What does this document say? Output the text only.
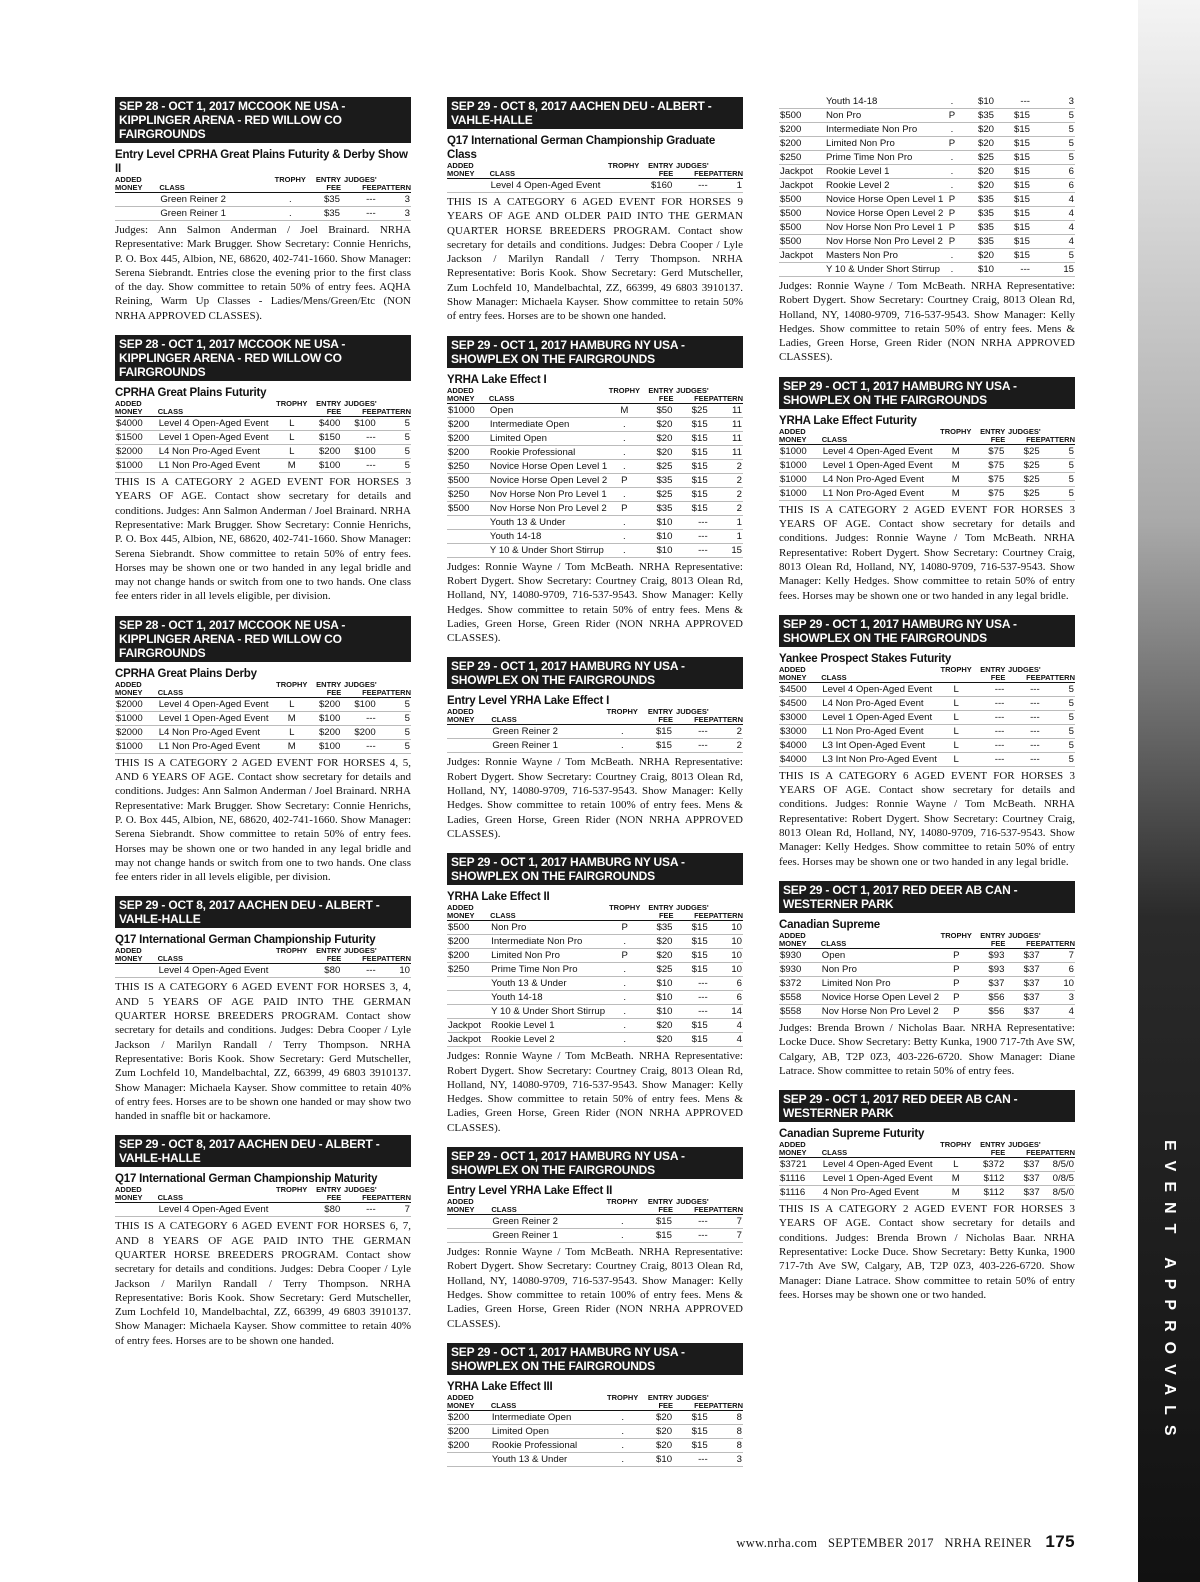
SEP 28 - OCT 1, 2017 MCCOOK NE USA - KIPPLINGER ARENA - RED WILLOW CO FAIRGROUNDS
Entry Level CPRHA Great Plains Futurity & Derby Show II
ADDED		TROPHY	ENTRY	JUDGES'	
MONEY	CLASS		FEE	FEE	PATTERN
	Green Reiner 2	.	$35	---	3
	Green Reiner 1	.	$35	---	3
Judges: Ann Salmon Anderman / Joel Brainard. NRHA Representative: Mark Brugger. Show Secretary: Connie Henrichs, P. O. Box 445, Albion, NE, 68620, 402-741-1660. Show Manager: Serena Siebrandt. Entries close the evening prior to the first class of the day. Show committee to retain 50% of entry fees. AQHA Reining, Warm Up Classes - Ladies/Mens/Green/Etc (NON NRHA APPROVED CLASSES).
SEP 28 - OCT 1, 2017 MCCOOK NE USA - KIPPLINGER ARENA - RED WILLOW CO FAIRGROUNDS
CPRHA Great Plains Futurity
ADDED		TROPHY	ENTRY	JUDGES'	
MONEY	CLASS		FEE	FEE	PATTERN
$4000	Level 4 Open-Aged Event	L	$400	$100	5
$1500	Level 1 Open-Aged Event	L	$150	---	5
$2000	L4 Non Pro-Aged Event	L	$200	$100	5
$1000	L1 Non Pro-Aged Event	M	$100	---	5
THIS IS A CATEGORY 2 AGED EVENT FOR HORSES 3 YEARS OF AGE. Contact show secretary for details and conditions. Judges: Ann Salmon Anderman / Joel Brainard. NRHA Representative: Mark Brugger. Show Secretary: Connie Henrichs, P. O. Box 445, Albion, NE, 68620, 402-741-1660. Show Manager: Serena Siebrandt. Show committee to retain 50% of entry fees. Horses may be shown one or two handed in any legal bridle and may not change hands or switch from one to two hands. One class fee enters rider in all levels eligible, per division.
SEP 28 - OCT 1, 2017 MCCOOK NE USA - KIPPLINGER ARENA - RED WILLOW CO FAIRGROUNDS
CPRHA Great Plains Derby
ADDED		TROPHY	ENTRY	JUDGES'	
MONEY	CLASS		FEE	FEE	PATTERN
$2000	Level 4 Open-Aged Event	L	$200	$100	5
$1000	Level 1 Open-Aged Event	M	$100	---	5
$2000	L4 Non Pro-Aged Event	L	$200	$200	5
$1000	L1 Non Pro-Aged Event	M	$100	---	5
THIS IS A CATEGORY 2 AGED EVENT FOR HORSES 4, 5, AND 6 YEARS OF AGE. Contact show secretary for details and conditions. Judges: Ann Salmon Anderman / Joel Brainard. NRHA Representative: Mark Brugger. Show Secretary: Connie Henrichs, P. O. Box 445, Albion, NE, 68620, 402-741-1660. Show Manager: Serena Siebrandt. Show committee to retain 50% of entry fees. Horses may be shown one or two handed in any legal bridle and may not change hands or switch from one to two hands. One class fee enters rider in all levels eligible, per division.
SEP 29 - OCT 8, 2017 AACHEN DEU - ALBERT - VAHLE-HALLE
Q17 International German Championship Futurity
ADDED		TROPHY	ENTRY	JUDGES'	
MONEY	CLASS		FEE	FEE	PATTERN
	Level 4 Open-Aged Event		$80	---	10
THIS IS A CATEGORY 6 AGED EVENT FOR HORSES 3, 4, AND 5 YEARS OF AGE PAID INTO THE GERMAN QUARTER HORSE BREEDERS PROGRAM. Contact show secretary for details and conditions. Judges: Debra Cooper / Lyle Jackson / Marilyn Randall / Terry Thompson. NRHA Representative: Boris Kook. Show Secretary: Gerd Mutscheller, Zum Lochfeld 10, Mandelbachtal, ZZ, 66399, 49 6803 3910137. Show Manager: Michaela Kayser. Show committee to retain 40% of entry fees. Horses are to be shown one handed or may show two handed in snaffle bit or hackamore.
SEP 29 - OCT 8, 2017 AACHEN DEU - ALBERT - VAHLE-HALLE
Q17 International German Championship Maturity
ADDED		TROPHY	ENTRY	JUDGES'	
MONEY	CLASS		FEE	FEE	PATTERN
	Level 4 Open-Aged Event		$80	---	7
THIS IS A CATEGORY 6 AGED EVENT FOR HORSES 6, 7, AND 8 YEARS OF AGE PAID INTO THE GERMAN QUARTER HORSE BREEDERS PROGRAM. Contact show secretary for details and conditions. Judges: Debra Cooper / Lyle Jackson / Marilyn Randall / Terry Thompson. NRHA Representative: Boris Kook. Show Secretary: Gerd Mutscheller, Zum Lochfeld 10, Mandelbachtal, ZZ, 66399, 49 6803 3910137. Show Manager: Michaela Kayser. Show committee to retain 40% of entry fees. Horses are to be shown one handed.
SEP 29 - OCT 8, 2017 AACHEN DEU - ALBERT - VAHLE-HALLE
Q17 International German Championship Graduate Class
ADDED		TROPHY	ENTRY	JUDGES'	
MONEY	CLASS		FEE	FEE	PATTERN
	Level 4 Open-Aged Event		$160	---	1
THIS IS A CATEGORY 6 AGED EVENT FOR HORSES 9 YEARS OF AGE AND OLDER PAID INTO THE GERMAN QUARTER HORSE BREEDERS PROGRAM. Contact show secretary for details and conditions. Judges: Debra Cooper / Lyle Jackson / Marilyn Randall / Terry Thompson. NRHA Representative: Boris Kook. Show Secretary: Gerd Mutscheller, Zum Lochfeld 10, Mandelbachtal, ZZ, 66399, 49 6803 3910137. Show Manager: Michaela Kayser. Show committee to retain 50% of entry fees. Horses are to be shown one handed.
SEP 29 - OCT 1, 2017 HAMBURG NY USA - SHOWPLEX ON THE FAIRGROUNDS
YRHA Lake Effect I
ADDED		TROPHY	ENTRY	JUDGES'	
MONEY	CLASS		FEE	FEE	PATTERN
$1000	Open	M	$50	$25	11
$200	Intermediate Open	.	$20	$15	11
$200	Limited Open	.	$20	$15	11
$200	Rookie Professional	.	$20	$15	11
$250	Novice Horse Open Level 1	.	$25	$15	2
$500	Novice Horse Open Level 2	P	$35	$15	2
$250	Nov Horse Non Pro Level 1	.	$25	$15	2
$500	Nov Horse Non Pro Level 2	P	$35	$15	2
	Youth 13 & Under	.	$10	---	1
	Youth 14-18	.	$10	---	1
	Y 10 & Under Short Stirrup	.	$10	---	15
Judges: Ronnie Wayne / Tom McBeath. NRHA Representative: Robert Dygert. Show Secretary: Courtney Craig, 8013 Olean Rd, Holland, NY, 14080-9709, 716-537-9543. Show Manager: Kelly Hedges. Show committee to retain 50% of entry fees. Mens & Ladies, Green Horse, Green Rider (NON NRHA APPROVED CLASSES).
SEP 29 - OCT 1, 2017 HAMBURG NY USA - SHOWPLEX ON THE FAIRGROUNDS
Entry Level YRHA Lake Effect I
ADDED		TROPHY	ENTRY	JUDGES'	
MONEY	CLASS		FEE	FEE	PATTERN
	Green Reiner 2	.	$15	---	2
	Green Reiner 1	.	$15	---	2
Judges: Ronnie Wayne / Tom McBeath. NRHA Representative: Robert Dygert. Show Secretary: Courtney Craig, 8013 Olean Rd, Holland, NY, 14080-9709, 716-537-9543. Show Manager: Kelly Hedges. Show committee to retain 100% of entry fees. Mens & Ladies, Green Horse, Green Rider (NON NRHA APPROVED CLASSES).
SEP 29 - OCT 1, 2017 HAMBURG NY USA - SHOWPLEX ON THE FAIRGROUNDS
YRHA Lake Effect II
ADDED		TROPHY	ENTRY	JUDGES'	
MONEY	CLASS		FEE	FEE	PATTERN
$500	Non Pro	P	$35	$15	10
$200	Intermediate Non Pro	.	$20	$15	10
$200	Limited Non Pro	P	$20	$15	10
$250	Prime Time Non Pro	.	$25	$15	10
	Youth 13 & Under	.	$10	---	6
	Youth 14-18	.	$10	---	6
	Y 10 & Under Short Stirrup	.	$10	---	14
Jackpot	Rookie Level 1	.	$20	$15	4
Jackpot	Rookie Level 2	.	$20	$15	4
Judges: Ronnie Wayne / Tom McBeath. NRHA Representative: Robert Dygert. Show Secretary: Courtney Craig, 8013 Olean Rd, Holland, NY, 14080-9709, 716-537-9543. Show Manager: Kelly Hedges. Show committee to retain 50% of entry fees. Mens & Ladies, Green Horse, Green Rider (NON NRHA APPROVED CLASSES).
SEP 29 - OCT 1, 2017 HAMBURG NY USA - SHOWPLEX ON THE FAIRGROUNDS
Entry Level YRHA Lake Effect II
ADDED		TROPHY	ENTRY	JUDGES'	
MONEY	CLASS		FEE	FEE	PATTERN
	Green Reiner 2	.	$15	---	7
	Green Reiner 1	.	$15	---	7
Judges: Ronnie Wayne / Tom McBeath. NRHA Representative: Robert Dygert. Show Secretary: Courtney Craig, 8013 Olean Rd, Holland, NY, 14080-9709, 716-537-9543. Show Manager: Kelly Hedges. Show committee to retain 100% of entry fees. Mens & Ladies, Green Horse, Green Rider (NON NRHA APPROVED CLASSES).
SEP 29 - OCT 1, 2017 HAMBURG NY USA - SHOWPLEX ON THE FAIRGROUNDS
YRHA Lake Effect III
ADDED		TROPHY	ENTRY	JUDGES'	
MONEY	CLASS		FEE	FEE	PATTERN
$200	Intermediate Open	.	$20	$15	8
$200	Limited Open	.	$20	$15	8
$200	Rookie Professional	.	$20	$15	8
	Youth 13 & Under	.	$10	---	3
	Youth 14-18	.	$10	---	3
$500	Non Pro	P	$35	$15	5
$200	Intermediate Non Pro	.	$20	$15	5
$200	Limited Non Pro	P	$20	$15	5
$250	Prime Time Non Pro	.	$25	$15	5
Jackpot	Rookie Level 1	.	$20	$15	6
Jackpot	Rookie Level 2	.	$20	$15	6
$500	Novice Horse Open Level 1	P	$35	$15	4
$500	Novice Horse Open Level 2	P	$35	$15	4
$500	Nov Horse Non Pro Level 1	P	$35	$15	4
$500	Nov Horse Non Pro Level 2	P	$35	$15	4
Jackpot	Masters Non Pro	.	$20	$15	5
	Y 10 & Under Short Stirrup	.	$10	---	15
Judges: Ronnie Wayne / Tom McBeath. NRHA Representative: Robert Dygert. Show Secretary: Courtney Craig, 8013 Olean Rd, Holland, NY, 14080-9709, 716-537-9543. Show Manager: Kelly Hedges. Show committee to retain 50% of entry fees. Mens & Ladies, Green Horse, Green Rider (NON NRHA APPROVED CLASSES).
SEP 29 - OCT 1, 2017 HAMBURG NY USA - SHOWPLEX ON THE FAIRGROUNDS
YRHA Lake Effect Futurity
ADDED		TROPHY	ENTRY	JUDGES'	
MONEY	CLASS		FEE	FEE	PATTERN
$1000	Level 4 Open-Aged Event	M	$75	$25	5
$1000	Level 1 Open-Aged Event	M	$75	$25	5
$1000	L4 Non Pro-Aged Event	M	$75	$25	5
$1000	L1 Non Pro-Aged Event	M	$75	$25	5
THIS IS A CATEGORY 2 AGED EVENT FOR HORSES 3 YEARS OF AGE. Contact show secretary for details and conditions. Judges: Ronnie Wayne / Tom McBeath. NRHA Representative: Robert Dygert. Show Secretary: Courtney Craig, 8013 Olean Rd, Holland, NY, 14080-9709, 716-537-9543. Show Manager: Kelly Hedges. Show committee to retain 50% of entry fees. Horses may be shown one or two handed in any legal bridle.
SEP 29 - OCT 1, 2017 HAMBURG NY USA - SHOWPLEX ON THE FAIRGROUNDS
Yankee Prospect Stakes Futurity
ADDED		TROPHY	ENTRY	JUDGES'	
MONEY	CLASS		FEE	FEE	PATTERN
$4500	Level 4 Open-Aged Event	L	---	---	5
$4500	L4 Non Pro-Aged Event	L	---	---	5
$3000	Level 1 Open-Aged Event	L	---	---	5
$3000	L1 Non Pro-Aged Event	L	---	---	5
$4000	L3 Int Open-Aged Event	L	---	---	5
$4000	L3 Int Non Pro-Aged Event	L	---	---	5
THIS IS A CATEGORY 6 AGED EVENT FOR HORSES 3 YEARS OF AGE. Contact show secretary for details and conditions. Judges: Ronnie Wayne / Tom McBeath. NRHA Representative: Robert Dygert. Show Secretary: Courtney Craig, 8013 Olean Rd, Holland, NY, 14080-9709, 716-537-9543. Show Manager: Kelly Hedges. Show committee to retain 50% of entry fees. Horses may be shown one or two handed in any legal bridle.
SEP 29 - OCT 1, 2017 RED DEER AB CAN - WESTERNER PARK
Canadian Supreme
ADDED		TROPHY	ENTRY	JUDGES'	
MONEY	CLASS		FEE	FEE	PATTERN
$930	Open	P	$93	$37	7
$930	Non Pro	P	$93	$37	6
$372	Limited Non Pro	P	$37	$37	10
$558	Novice Horse Open Level 2	P	$56	$37	3
$558	Nov Horse Non Pro Level 2	P	$56	$37	4
Judges: Brenda Brown / Nicholas Baar. NRHA Representative: Locke Duce. Show Secretary: Betty Kunka, 1900 717-7th Ave SW, Calgary, AB, T2P 0Z3, 403-226-6720. Show Manager: Diane Latrace. Show committee to retain 50% of entry fees.
SEP 29 - OCT 1, 2017 RED DEER AB CAN - WESTERNER PARK
Canadian Supreme Futurity
ADDED		TROPHY	ENTRY	JUDGES'	
MONEY	CLASS		FEE	FEE	PATTERN
$3721	Level 4 Open-Aged Event	L	$372	$37	8/5/0
$1116	Level 1 Open-Aged Event	M	$112	$37	0/8/5
$1116	4 Non Pro-Aged Event	M	$112	$37	8/5/0
THIS IS A CATEGORY 2 AGED EVENT FOR HORSES 3 YEARS OF AGE. Contact show secretary for details and conditions. Judges: Brenda Brown / Nicholas Baar. NRHA Representative: Locke Duce. Show Secretary: Betty Kunka, 1900 717-7th Ave SW, Calgary, AB, T2P 0Z3, 403-226-6720. Show Manager: Diane Latrace. Show committee to retain 50% of entry fees. Horses may be shown one or two handed.	EVENT APPROVALS
www.nrha.com SEPTEMBER 2017 NRHA REINER 175
